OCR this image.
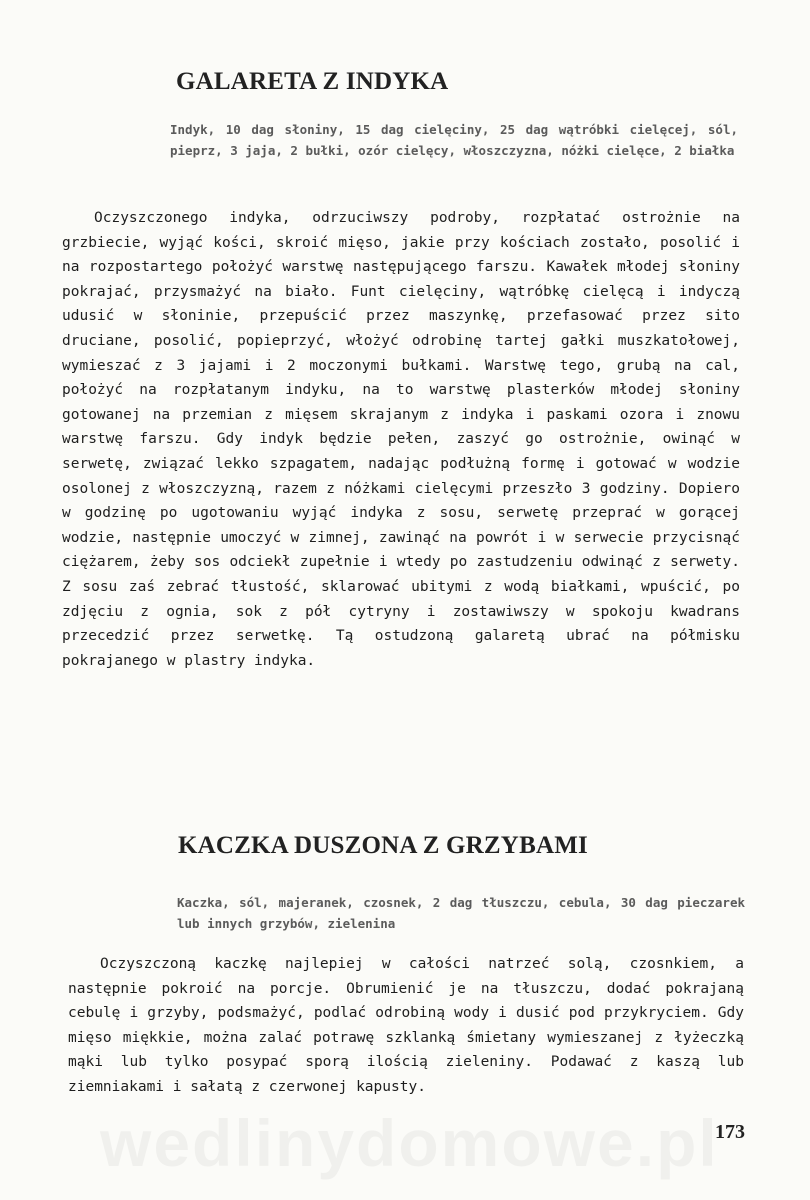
GALARETA Z INDYKA

Indyk, 10 dag słoniny, 15 dag cielęciny, 25 dag wątróbki cielęcej, sól, pieprz, 3 jaja, 2 bułki, ozór cielęcy, włoszczyzna, nóżki cielęce, 2 białka

Oczyszczonego indyka, odrzuciwszy podroby, rozpłatać ostrożnie na grzbiecie, wyjąć kości, skroić mięso, jakie przy kościach zostało, posolić i na rozpostartego położyć warstwę następującego farszu. Kawałek młodej słoniny pokrajać, przysmażyć na biało. Funt cielęciny, wątróbkę cielęcą i indyczą udusić w słoninie, przepuścić przez maszynkę, przefasować przez sito druciane, posolić, popieprzyć, włożyć odrobinę tartej gałki muszkatołowej, wymieszać z 3 jajami i 2 moczonymi bułkami. Warstwę tego, grubą na cal, położyć na rozpłatanym indyku, na to warstwę plasterków młodej słoniny gotowanej na przemian z mięsem skrajanym z indyka i paskami ozora i znowu warstwę farszu. Gdy indyk będzie pełen, zaszyć go ostrożnie, owinąć w serwetę, związać lekko szpagatem, nadając podłużną formę i gotować w wodzie osolonej z włoszczyzną, razem z nóżkami cielęcymi przeszło 3 godziny. Dopiero w godzinę po ugotowaniu wyjąć indyka z sosu, serwetę przeprać w gorącej wodzie, następnie umoczyć w zimnej, zawinąć na powrót i w serwecie przycisnąć ciężarem, żeby sos odciekł zupełnie i wtedy po zastudzeniu odwinąć z serwety. Z sosu zaś zebrać tłustość, sklarować ubitymi z wodą białkami, wpuścić, po zdjęciu z ognia, sok z pół cytryny i zostawiwszy w spokoju kwadrans przecedzić przez serwetkę. Tą ostudzoną galaretą ubrać na półmisku pokrajanego w plastry indyka.

KACZKA DUSZONA Z GRZYBAMI

Kaczka, sól, majeranek, czosnek, 2 dag tłuszczu, cebula, 30 dag pieczarek lub innych grzybów, zielenina

Oczyszczoną kaczkę najlepiej w całości natrzeć solą, czosnkiem, a następnie pokroić na porcje. Obrumienić je na tłuszczu, dodać pokrajaną cebulę i grzyby, podsmażyć, podlać odrobiną wody i dusić pod przykryciem. Gdy mięso miękkie, można zalać potrawę szklanką śmietany wymieszanej z łyżeczką mąki lub tylko posypać sporą ilością zieleniny. Podawać z kaszą lub ziemniakami i sałatą z czerwonej kapusty.

173
